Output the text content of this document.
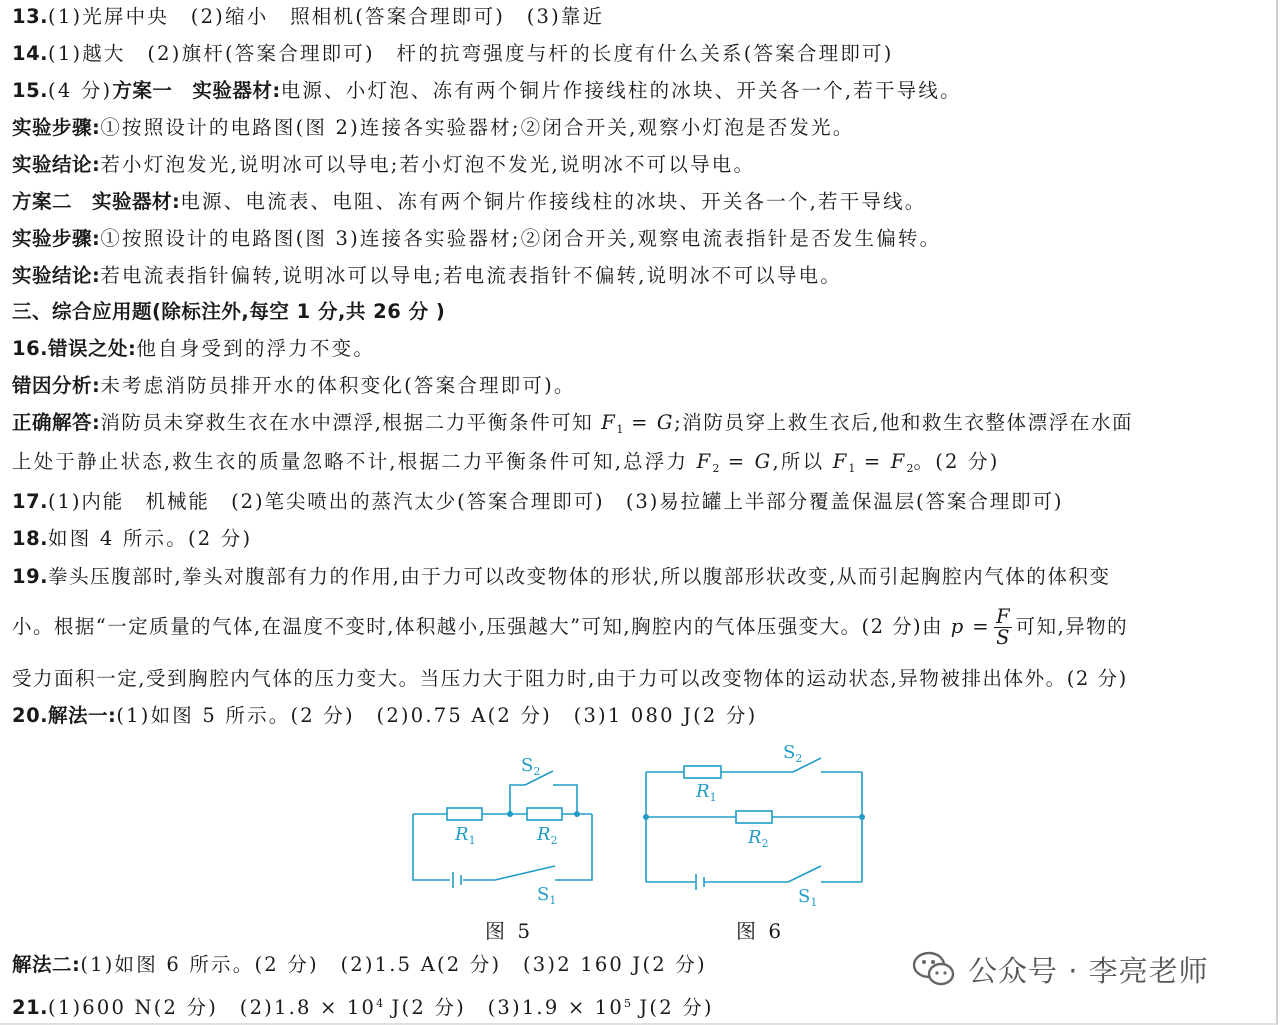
13.(1)光屏中央　(2)缩小　照相机(答案合理即可)　(3)靠近
14.(1)越大　(2)旗杆(答案合理即可)　杆的抗弯强度与杆的长度有什么关系(答案合理即可)
15.(4 分)方案一　实验器材:电源、小灯泡、冻有两个铜片作接线柱的冰块、开关各一个,若干导线。
实验步骤:①按照设计的电路图(图 2)连接各实验器材;②闭合开关,观察小灯泡是否发光。
实验结论:若小灯泡发光,说明冰可以导电;若小灯泡不发光,说明冰不可以导电。
方案二　实验器材:电源、电流表、电阻、冻有两个铜片作接线柱的冰块、开关各一个,若干导线。
实验步骤:①按照设计的电路图(图 3)连接各实验器材;②闭合开关,观察电流表指针是否发生偏转。
实验结论:若电流表指针偏转,说明冰可以导电;若电流表指针不偏转,说明冰不可以导电。
三、综合应用题(除标注外,每空 1 分,共 26 分 )
16.错误之处:他自身受到的浮力不变。
错因分析:未考虑消防员排开水的体积变化(答案合理即可)。
正确解答:消防员未穿救生衣在水中漂浮,根据二力平衡条件可知 $F_1 = G$;消防员穿上救生衣后,他和救生衣整体漂浮在水面
上处于静止状态,救生衣的质量忽略不计,根据二力平衡条件可知,总浮力 $F_2 = G$,所以 $F_1 = F_2$。(2 分)
17.(1)内能　机械能　(2)笔尖喷出的蒸汽太少(答案合理即可)　(3)易拉罐上半部分覆盖保温层(答案合理即可)
18.如图 4 所示。(2 分)
19.拳头压腹部时,拳头对腹部有力的作用,由于力可以改变物体的形状,所以腹部形状改变,从而引起胸腔内气体的体积变
小。根据“一定质量的气体,在温度不变时,体积越小,压强越大”可知,胸腔内的气体压强变大。(2 分)由 $p = \frac{F}{S}$ 可知,异物的
受力面积一定,受到胸腔内气体的压力变大。当压力大于阻力时,由于力可以改变物体的运动状态,异物被排出体外。(2 分)
20.解法一:(1)如图 5 所示。(2 分)　(2)0.75 A(2 分)　(3)1 080 J(2 分)
$R_1$	$R_2$
$S_2$
$S_1$
图 5
$R_1$
$R_2$
$S_2$
$S_1$
图 6
解法二:(1)如图 6 所示。(2 分)　(2)1.5 A(2 分)　(3)2 160 J(2 分)
21.(1)600 N(2 分)　$(2)1.8 \times 10^4$ J(2 分)　$(3)1.9 \times 10^5$ J(2 分)
公众号 · 李亮老师
